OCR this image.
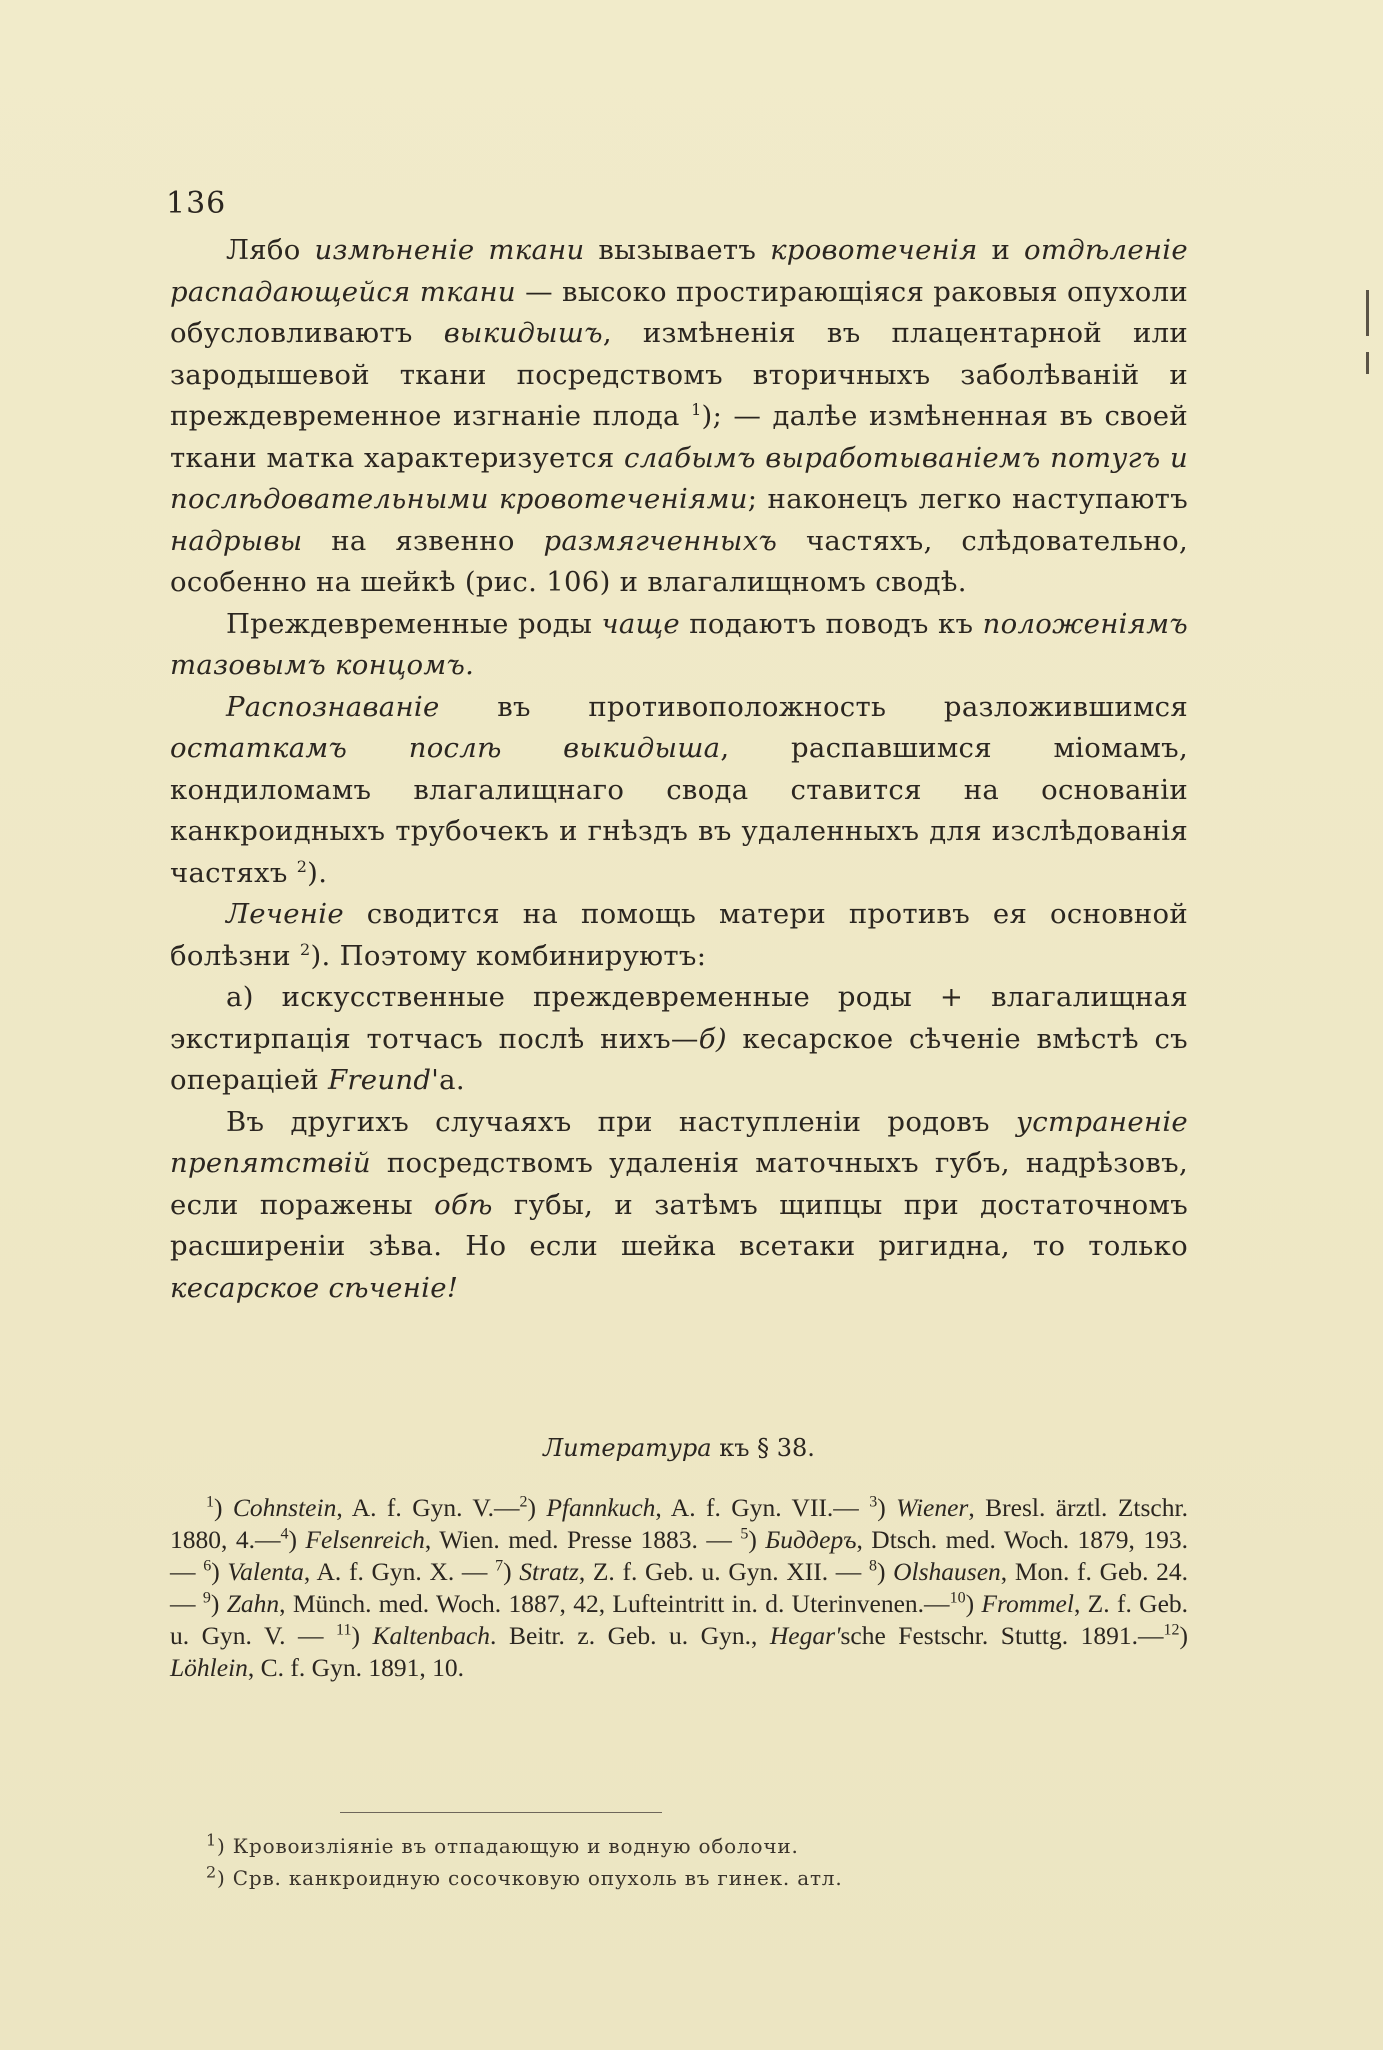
136

Лябо измѣненіе ткани вызываетъ кровотеченія и отдѣленіе распадающейся ткани — высоко простирающіяся раковыя опухоли обусловливаютъ выкидышъ, измѣненія въ плацентарной или зародышевой ткани посредствомъ вторичныхъ заболѣваній и преждевременное изгнаніе плода $^1$); — далѣе измѣненная въ своей ткани матка характеризуется слабымъ выработываніемъ потугъ и послѣдовательными кровотеченіями; наконецъ легко наступаютъ надрывы на язвенно размягченныхъ частяхъ, слѣдовательно, особенно на шейкѣ (рис. 106) и влагалищномъ сводѣ.

Преждевременные роды чаще подаютъ поводъ къ положеніямъ тазовымъ концомъ.

Распознаваніе въ противоположность разложившимся остаткамъ послѣ выкидыша, распавшимся міомамъ, кондиломамъ влагалищнаго свода ставится на основаніи канкроидныхъ трубочекъ и гнѣздъ въ удаленныхъ для изслѣдованія частяхъ $^2$).

Леченіе сводится на помощь матери противъ ея основной болѣзни $^2$). Поэтому комбинируютъ:

a) искусственные преждевременные роды + влагалищная экстирпація тотчасъ послѣ нихъ—б) кесарское сѣченіе вмѣстѣ съ операціей Freund'а.

Въ другихъ случаяхъ при наступленіи родовъ устраненіе препятствій посредствомъ удаленія маточныхъ губъ, надрѣзовъ, если поражены обѣ губы, и затѣмъ щипцы при достаточномъ расширеніи зѣва. Но если шейка всетаки ригидна, то только кесарское сѣченіе!

Литература къ § 38.

$^1$) Cohnstein, A. f. Gyn. V.—$^2$) Pfannkuch, A. f. Gyn. VII.— $^3$) Wiener, Bresl. ärztl. Ztschr. 1880, 4.—$^4$) Felsenreich, Wien. med. Presse 1883. — $^5$) Биддеръ, Dtsch. med. Woch. 1879, 193. — $^6$) Valenta, A. f. Gyn. X. — $^7$) Stratz, Z. f. Geb. u. Gyn. XII. — $^8$) Olshausen, Mon. f. Geb. 24. — $^9$) Zahn, Münch. med. Woch. 1887, 42, Lufteintritt in. d. Uterinvenen.—$^{10}$) Frommel, Z. f. Geb. u. Gyn. V. — $^{11}$) Kaltenbach. Beitr. z. Geb. u. Gyn., Hegar'sche Festschr. Stuttg. 1891.—$^{12}$) Löhlein, C. f. Gyn. 1891, 10.

$^1$) Кровоизліяніе въ отпадающую и водную оболочи.

$^2$) Срв. канкроидную сосочковую опухоль въ гинек. атл.
